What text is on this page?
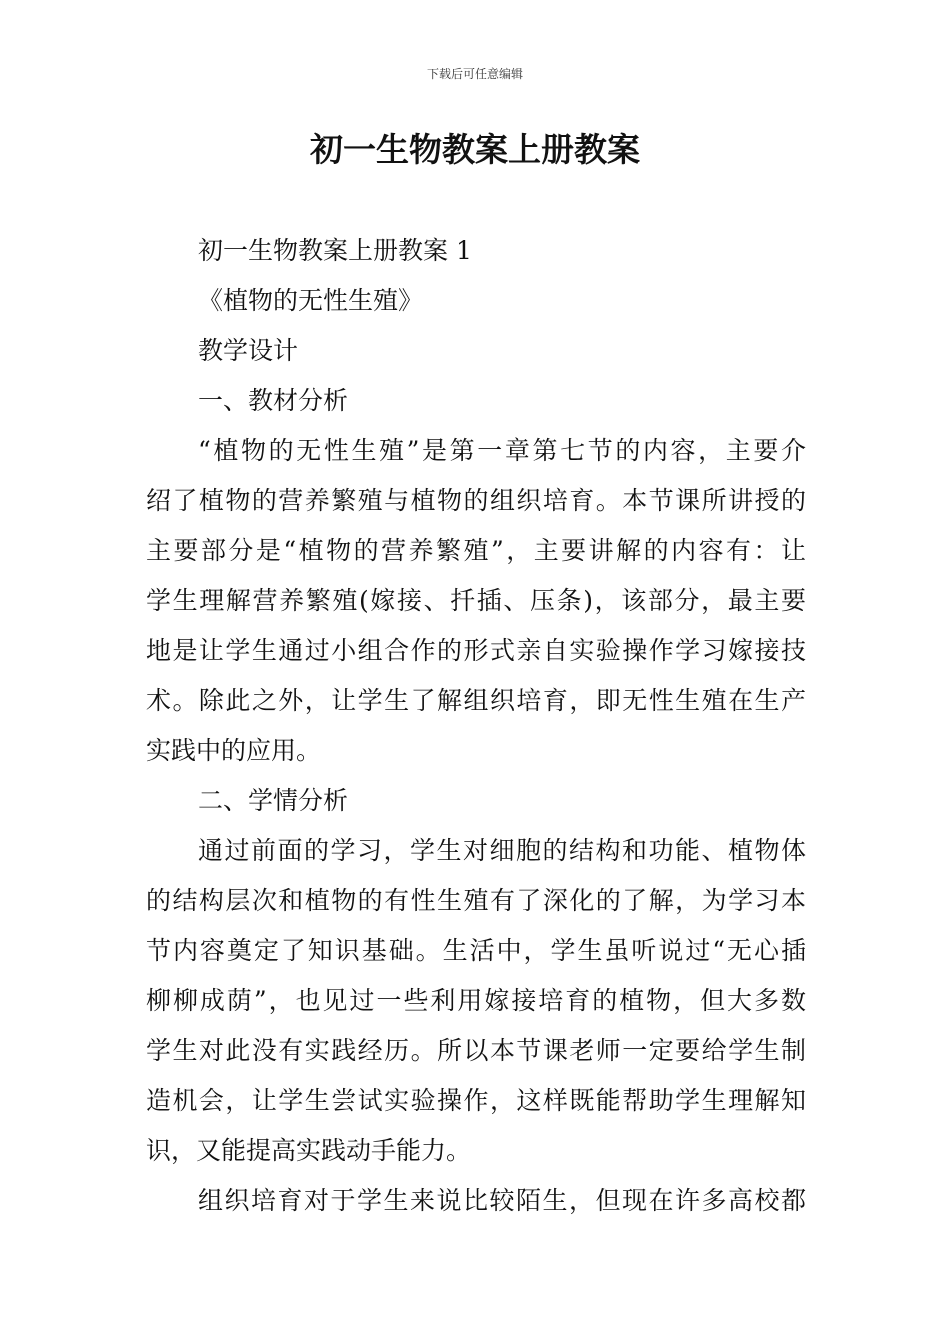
下载后可任意编辑
初一生物教案上册教案
初一生物教案上册教案 1
《植物的无性生殖》
教学设计
一、教材分析
“植物的无性生殖”是第一章第七节的内容，主要介
绍了植物的营养繁殖与植物的组织培育。本节课所讲授的
主要部分是“植物的营养繁殖”，主要讲解的内容有：让
学生理解营养繁殖(嫁接、扦插、压条)，该部分，最主要
地是让学生通过小组合作的形式亲自实验操作学习嫁接技
术。除此之外，让学生了解组织培育，即无性生殖在生产
实践中的应用。
二、学情分析
通过前面的学习，学生对细胞的结构和功能、植物体
的结构层次和植物的有性生殖有了深化的了解，为学习本
节内容奠定了知识基础。生活中，学生虽听说过“无心插
柳柳成荫”，也见过一些利用嫁接培育的植物，但大多数
学生对此没有实践经历。所以本节课老师一定要给学生制
造机会，让学生尝试实验操作，这样既能帮助学生理解知
识，又能提高实践动手能力。
组织培育对于学生来说比较陌生，但现在许多高校都
